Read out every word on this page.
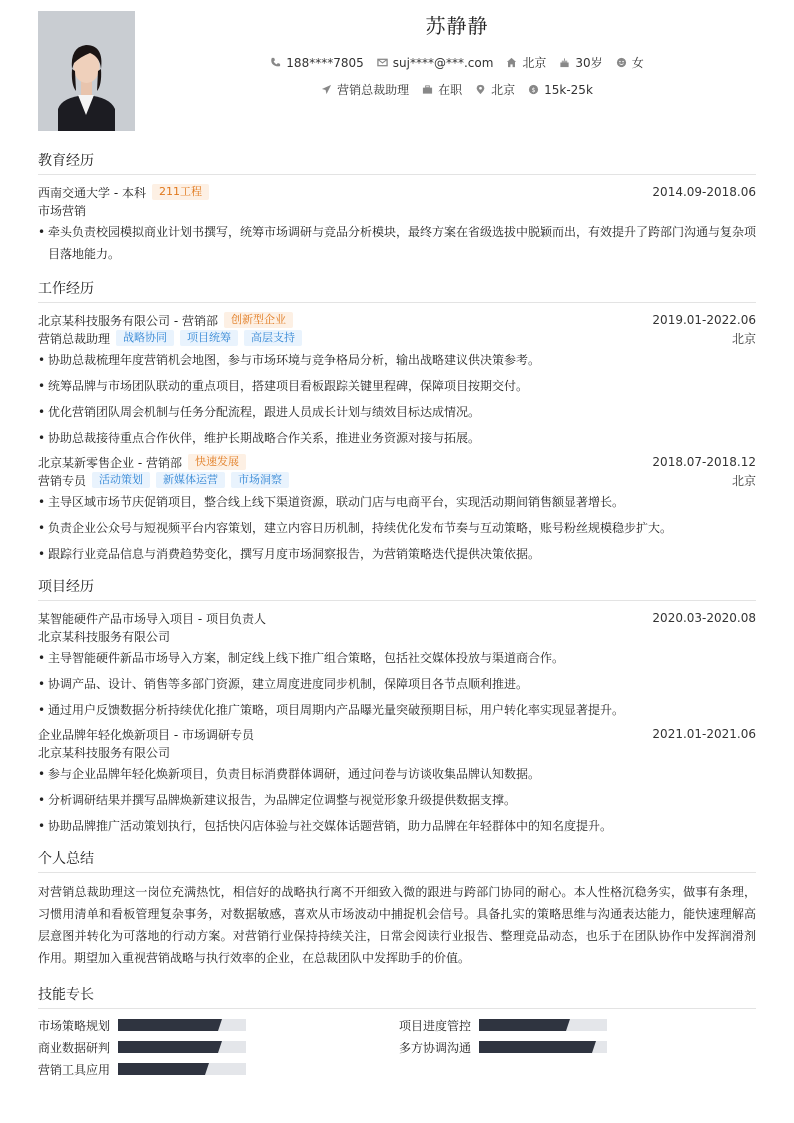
苏静静
188****7805 suj****@***.com 北京 30岁 女
营销总裁助理 在职 北京 $ 15k-25k
教育经历
西南交通大学 - 本科	211工程	2014.09-2018.06
市场营销
• 牵头负责校园模拟商业计划书撰写，统筹市场调研与竞品分析模块，最终方案在省级选拔中脱颖而出，有效提升了跨部门沟通与复杂项目落地能力。
工作经历
北京某科技服务有限公司 - 营销部	创新型企业	2019.01-2022.06
营销总裁助理	战略协同	项目统筹	高层支持	北京
• 协助总裁梳理年度营销机会地图，参与市场环境与竞争格局分析，输出战略建议供决策参考。
• 统筹品牌与市场团队联动的重点项目，搭建项目看板跟踪关键里程碑，保障项目按期交付。
• 优化营销团队周会机制与任务分配流程，跟进人员成长计划与绩效目标达成情况。
• 协助总裁接待重点合作伙伴，维护长期战略合作关系，推进业务资源对接与拓展。
北京某新零售企业 - 营销部	快速发展	2018.07-2018.12
营销专员	活动策划	新媒体运营	市场洞察	北京
• 主导区域市场节庆促销项目，整合线上线下渠道资源，联动门店与电商平台，实现活动期间销售额显著增长。
• 负责企业公众号与短视频平台内容策划，建立内容日历机制，持续优化发布节奏与互动策略，账号粉丝规模稳步扩大。
• 跟踪行业竞品信息与消费趋势变化，撰写月度市场洞察报告，为营销策略迭代提供决策依据。
项目经历
某智能硬件产品市场导入项目 - 项目负责人	2020.03-2020.08
北京某科技服务有限公司
• 主导智能硬件新品市场导入方案，制定线上线下推广组合策略，包括社交媒体投放与渠道商合作。
• 协调产品、设计、销售等多部门资源，建立周度进度同步机制，保障项目各节点顺利推进。
• 通过用户反馈数据分析持续优化推广策略，项目周期内产品曝光量突破预期目标，用户转化率实现显著提升。
企业品牌年轻化焕新项目 - 市场调研专员	2021.01-2021.06
北京某科技服务有限公司
• 参与企业品牌年轻化焕新项目，负责目标消费群体调研，通过问卷与访谈收集品牌认知数据。
• 分析调研结果并撰写品牌焕新建议报告，为品牌定位调整与视觉形象升级提供数据支撑。
• 协助品牌推广活动策划执行，包括快闪店体验与社交媒体话题营销，助力品牌在年轻群体中的知名度提升。
个人总结
对营销总裁助理这一岗位充满热忱，相信好的战略执行离不开细致入微的跟进与跨部门协同的耐心。本人性格沉稳务实，做事有条理，习惯用清单和看板管理复杂事务，对数据敏感，喜欢从市场波动中捕捉机会信号。具备扎实的策略思维与沟通表达能力，能快速理解高层意图并转化为可落地的行动方案。对营销行业保持持续关注，日常会阅读行业报告、整理竞品动态，也乐于在团队协作中发挥润滑剂作用。期望加入重视营销战略与执行效率的企业，在总裁团队中发挥助手的价值。
技能专长
市场策略规划	项目进度管控
商业数据研判	多方协调沟通
营销工具应用
